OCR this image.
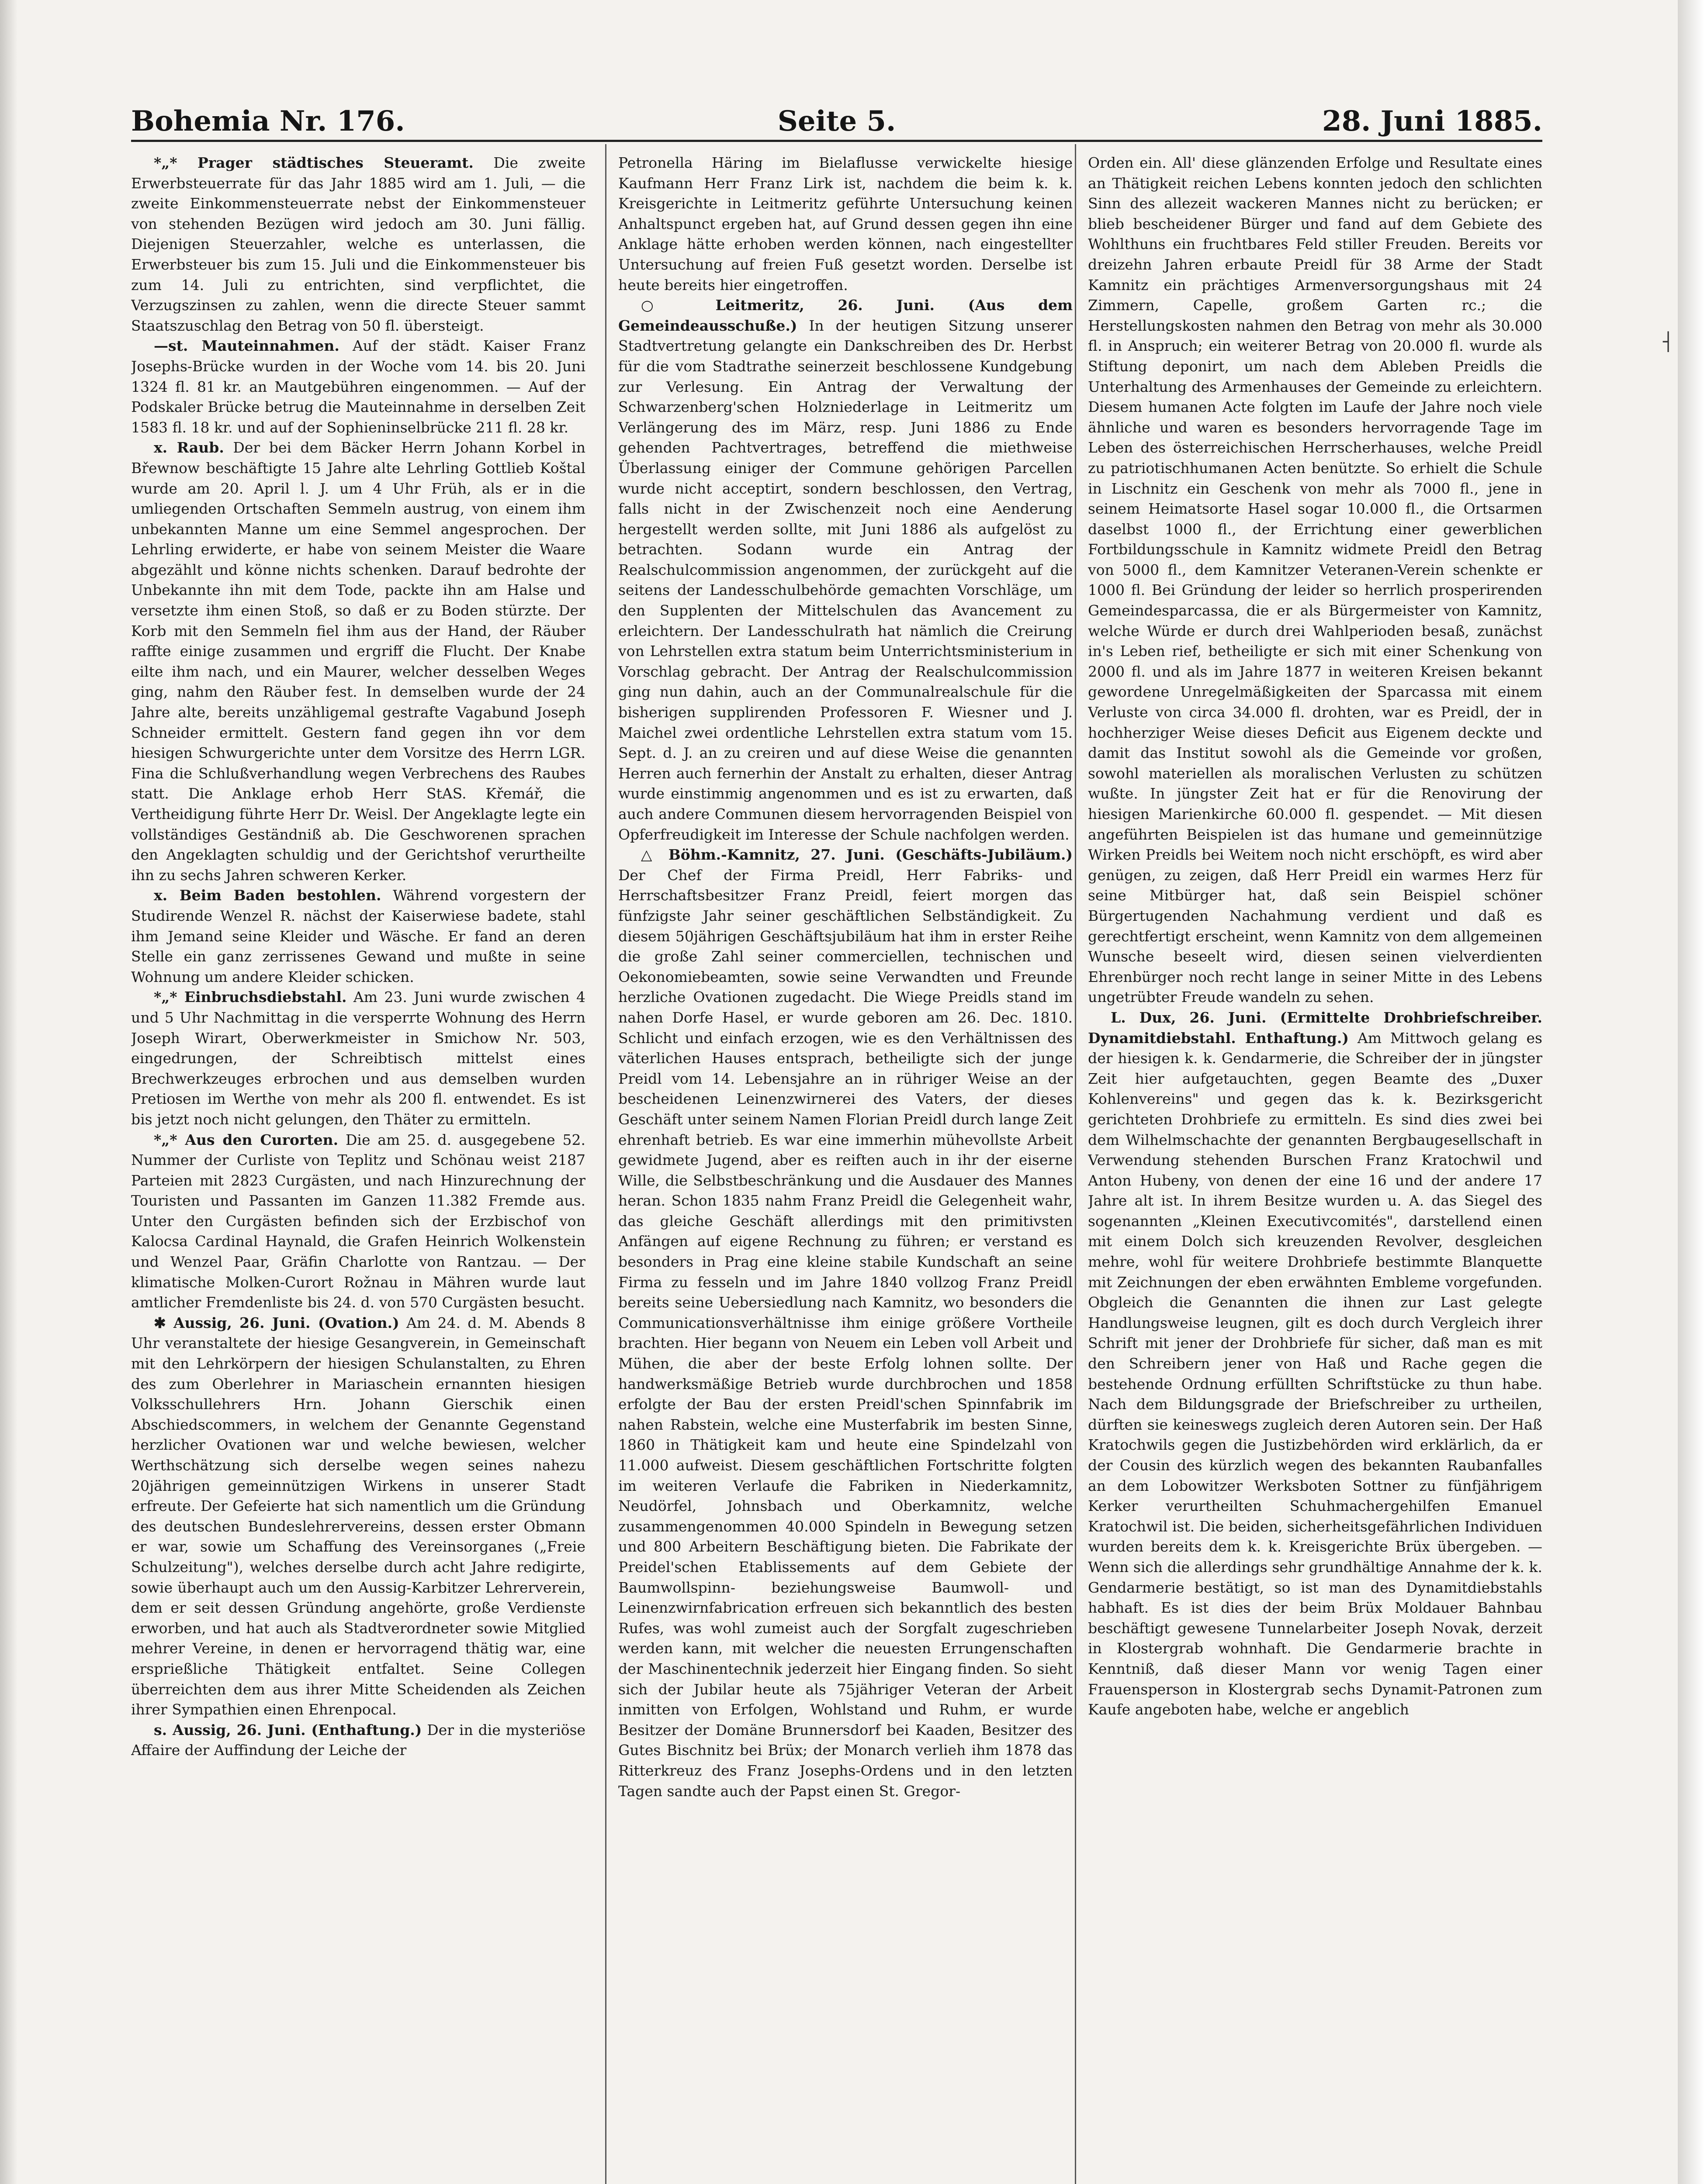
┤
Bohemia Nr. 176.	Seite 5.	28. Juni 1885.

*„* Prager städtisches Steueramt. Die zweite Erwerbsteuerrate für das Jahr 1885 wird am 1. Juli, — die zweite Einkommensteuerrate nebst der Einkommensteuer von stehenden Bezügen wird jedoch am 30. Juni fällig. Diejenigen Steuerzahler, welche es unterlassen, die Erwerbsteuer bis zum 15. Juli und die Einkommensteuer bis zum 14. Juli zu entrichten, sind verpflichtet, die Verzugszinsen zu zahlen, wenn die directe Steuer sammt Staatszuschlag den Betrag von 50 fl. übersteigt.

—st. Mauteinnahmen. Auf der städt. Kaiser Franz Josephs-Brücke wurden in der Woche vom 14. bis 20. Juni 1324 fl. 81 kr. an Mautgebühren eingenommen. — Auf der Podskaler Brücke betrug die Mauteinnahme in derselben Zeit 1583 fl. 18 kr. und auf der Sophieninselbrücke 211 fl. 28 kr.

x. Raub. Der bei dem Bäcker Herrn Johann Korbel in Břewnow beschäftigte 15 Jahre alte Lehrling Gottlieb Koštal wurde am 20. April l. J. um 4 Uhr Früh, als er in die umliegenden Ortschaften Semmeln austrug, von einem ihm unbekannten Manne um eine Semmel angesprochen. Der Lehrling erwiderte, er habe von seinem Meister die Waare abgezählt und könne nichts schenken. Darauf bedrohte der Unbekannte ihn mit dem Tode, packte ihn am Halse und versetzte ihm einen Stoß, so daß er zu Boden stürzte. Der Korb mit den Semmeln fiel ihm aus der Hand, der Räuber raffte einige zusammen und ergriff die Flucht. Der Knabe eilte ihm nach, und ein Maurer, welcher desselben Weges ging, nahm den Räuber fest. In demselben wurde der 24 Jahre alte, bereits unzähligemal gestrafte Vagabund Joseph Schneider ermittelt. Gestern fand gegen ihn vor dem hiesigen Schwurgerichte unter dem Vorsitze des Herrn LGR. Fina die Schlußverhandlung wegen Verbrechens des Raubes statt. Die Anklage erhob Herr StAS. Křemář, die Vertheidigung führte Herr Dr. Weisl. Der Angeklagte legte ein vollständiges Geständniß ab. Die Geschworenen sprachen den Angeklagten schuldig und der Gerichtshof verurtheilte ihn zu sechs Jahren schweren Kerker.

x. Beim Baden bestohlen. Während vorgestern der Studirende Wenzel R. nächst der Kaiserwiese badete, stahl ihm Jemand seine Kleider und Wäsche. Er fand an deren Stelle ein ganz zerrissenes Gewand und mußte in seine Wohnung um andere Kleider schicken.

*„* Einbruchsdiebstahl. Am 23. Juni wurde zwischen 4 und 5 Uhr Nachmittag in die versperrte Wohnung des Herrn Joseph Wirart, Oberwerkmeister in Smichow Nr. 503, eingedrungen, der Schreibtisch mittelst eines Brechwerkzeuges erbrochen und aus demselben wurden Pretiosen im Werthe von mehr als 200 fl. entwendet. Es ist bis jetzt noch nicht gelungen, den Thäter zu ermitteln.

*„* Aus den Curorten. Die am 25. d. ausgegebene 52. Nummer der Curliste von Teplitz und Schönau weist 2187 Parteien mit 2823 Curgästen, und nach Hinzurechnung der Touristen und Passanten im Ganzen 11.382 Fremde aus. Unter den Curgästen befinden sich der Erzbischof von Kalocsa Cardinal Haynald, die Grafen Heinrich Wolkenstein und Wenzel Paar, Gräfin Charlotte von Rantzau. — Der klimatische Molken-Curort Rožnau in Mähren wurde laut amtlicher Fremdenliste bis 24. d. von 570 Curgästen besucht.

✱ Aussig, 26. Juni. (Ovation.) Am 24. d. M. Abends 8 Uhr veranstaltete der hiesige Gesangverein, in Gemeinschaft mit den Lehrkörpern der hiesigen Schulanstalten, zu Ehren des zum Oberlehrer in Mariaschein ernannten hiesigen Volksschullehrers Hrn. Johann Gierschik einen Abschiedscommers, in welchem der Genannte Gegenstand herzlicher Ovationen war und welche bewiesen, welcher Werthschätzung sich derselbe wegen seines nahezu 20jährigen gemeinnützigen Wirkens in unserer Stadt erfreute. Der Gefeierte hat sich namentlich um die Gründung des deutschen Bundeslehrervereins, dessen erster Obmann er war, sowie um Schaffung des Vereinsorganes („Freie Schulzeitung"), welches derselbe durch acht Jahre redigirte, sowie überhaupt auch um den Aussig-Karbitzer Lehrerverein, dem er seit dessen Gründung angehörte, große Verdienste erworben, und hat auch als Stadtverordneter sowie Mitglied mehrer Vereine, in denen er hervorragend thätig war, eine ersprießliche Thätigkeit entfaltet. Seine Collegen überreichten dem aus ihrer Mitte Scheidenden als Zeichen ihrer Sympathien einen Ehrenpocal.

s. Aussig, 26. Juni. (Enthaftung.) Der in die mysteriöse Affaire der Auffindung der Leiche der

Petronella Häring im Bielaflusse verwickelte hiesige Kaufmann Herr Franz Lirk ist, nachdem die beim k. k. Kreisgerichte in Leitmeritz geführte Untersuchung keinen Anhaltspunct ergeben hat, auf Grund dessen gegen ihn eine Anklage hätte erhoben werden können, nach eingestellter Untersuchung auf freien Fuß gesetzt worden. Derselbe ist heute bereits hier eingetroffen.

○ Leitmeritz, 26. Juni. (Aus dem Gemeindeausschuße.) In der heutigen Sitzung unserer Stadtvertretung gelangte ein Dankschreiben des Dr. Herbst für die vom Stadtrathe seinerzeit beschlossene Kundgebung zur Verlesung. Ein Antrag der Verwaltung der Schwarzenberg'schen Holzniederlage in Leitmeritz um Verlängerung des im März, resp. Juni 1886 zu Ende gehenden Pachtvertrages, betreffend die miethweise Überlassung einiger der Commune gehörigen Parcellen wurde nicht acceptirt, sondern beschlossen, den Vertrag, falls nicht in der Zwischenzeit noch eine Aenderung hergestellt werden sollte, mit Juni 1886 als aufgelöst zu betrachten. Sodann wurde ein Antrag der Realschulcommission angenommen, der zurückgeht auf die seitens der Landesschulbehörde gemachten Vorschläge, um den Supplenten der Mittelschulen das Avancement zu erleichtern. Der Landesschulrath hat nämlich die Creirung von Lehrstellen extra statum beim Unterrichtsministerium in Vorschlag gebracht. Der Antrag der Realschulcommission ging nun dahin, auch an der Communalrealschule für die bisherigen supplirenden Professoren F. Wiesner und J. Maichel zwei ordentliche Lehrstellen extra statum vom 15. Sept. d. J. an zu creiren und auf diese Weise die genannten Herren auch fernerhin der Anstalt zu erhalten, dieser Antrag wurde einstimmig angenommen und es ist zu erwarten, daß auch andere Communen diesem hervorragenden Beispiel von Opferfreudigkeit im Interesse der Schule nachfolgen werden.

△ Böhm.-Kamnitz, 27. Juni. (Geschäfts-Jubiläum.) Der Chef der Firma Preidl, Herr Fabriks- und Herrschaftsbesitzer Franz Preidl, feiert morgen das fünfzigste Jahr seiner geschäftlichen Selbständigkeit. Zu diesem 50jährigen Geschäftsjubiläum hat ihm in erster Reihe die große Zahl seiner commerciellen, technischen und Oekonomiebeamten, sowie seine Verwandten und Freunde herzliche Ovationen zugedacht. Die Wiege Preidls stand im nahen Dorfe Hasel, er wurde geboren am 26. Dec. 1810. Schlicht und einfach erzogen, wie es den Verhältnissen des väterlichen Hauses entsprach, betheiligte sich der junge Preidl vom 14. Lebensjahre an in rühriger Weise an der bescheidenen Leinenzwirnerei des Vaters, der dieses Geschäft unter seinem Namen Florian Preidl durch lange Zeit ehrenhaft betrieb. Es war eine immerhin mühevollste Arbeit gewidmete Jugend, aber es reiften auch in ihr der eiserne Wille, die Selbstbeschränkung und die Ausdauer des Mannes heran. Schon 1835 nahm Franz Preidl die Gelegenheit wahr, das gleiche Geschäft allerdings mit den primitivsten Anfängen auf eigene Rechnung zu führen; er verstand es besonders in Prag eine kleine stabile Kundschaft an seine Firma zu fesseln und im Jahre 1840 vollzog Franz Preidl bereits seine Uebersiedlung nach Kamnitz, wo besonders die Communicationsverhältnisse ihm einige größere Vortheile brachten. Hier begann von Neuem ein Leben voll Arbeit und Mühen, die aber der beste Erfolg lohnen sollte. Der handwerksmäßige Betrieb wurde durchbrochen und 1858 erfolgte der Bau der ersten Preidl'schen Spinnfabrik im nahen Rabstein, welche eine Musterfabrik im besten Sinne, 1860 in Thätigkeit kam und heute eine Spindelzahl von 11.000 aufweist. Diesem geschäftlichen Fortschritte folgten im weiteren Verlaufe die Fabriken in Niederkamnitz, Neudörfel, Johnsbach und Oberkamnitz, welche zusammengenommen 40.000 Spindeln in Bewegung setzen und 800 Arbeitern Beschäftigung bieten. Die Fabrikate der Preidel'schen Etablissements auf dem Gebiete der Baumwollspinn- beziehungsweise Baumwoll- und Leinenzwirnfabrication erfreuen sich bekanntlich des besten Rufes, was wohl zumeist auch der Sorgfalt zugeschrieben werden kann, mit welcher die neuesten Errungenschaften der Maschinentechnik jederzeit hier Eingang finden. So sieht sich der Jubilar heute als 75jähriger Veteran der Arbeit inmitten von Erfolgen, Wohlstand und Ruhm, er wurde Besitzer der Domäne Brunnersdorf bei Kaaden, Besitzer des Gutes Bischnitz bei Brüx; der Monarch verlieh ihm 1878 das Ritterkreuz des Franz Josephs-Ordens und in den letzten Tagen sandte auch der Papst einen St. Gregor-

Orden ein. All' diese glänzenden Erfolge und Resultate eines an Thätigkeit reichen Lebens konnten jedoch den schlichten Sinn des allezeit wackeren Mannes nicht zu berücken; er blieb bescheidener Bürger und fand auf dem Gebiete des Wohlthuns ein fruchtbares Feld stiller Freuden. Bereits vor dreizehn Jahren erbaute Preidl für 38 Arme der Stadt Kamnitz ein prächtiges Armenversorgungshaus mit 24 Zimmern, Capelle, großem Garten rc.; die Herstellungskosten nahmen den Betrag von mehr als 30.000 fl. in Anspruch; ein weiterer Betrag von 20.000 fl. wurde als Stiftung deponirt, um nach dem Ableben Preidls die Unterhaltung des Armenhauses der Gemeinde zu erleichtern. Diesem humanen Acte folgten im Laufe der Jahre noch viele ähnliche und waren es besonders hervorragende Tage im Leben des österreichischen Herrscherhauses, welche Preidl zu patriotischhumanen Acten benützte. So erhielt die Schule in Lischnitz ein Geschenk von mehr als 7000 fl., jene in seinem Heimatsorte Hasel sogar 10.000 fl., die Ortsarmen daselbst 1000 fl., der Errichtung einer gewerblichen Fortbildungsschule in Kamnitz widmete Preidl den Betrag von 5000 fl., dem Kamnitzer Veteranen-Verein schenkte er 1000 fl. Bei Gründung der leider so herrlich prosperirenden Gemeindesparcassa, die er als Bürgermeister von Kamnitz, welche Würde er durch drei Wahlperioden besaß, zunächst in's Leben rief, betheiligte er sich mit einer Schenkung von 2000 fl. und als im Jahre 1877 in weiteren Kreisen bekannt gewordene Unregelmäßigkeiten der Sparcassa mit einem Verluste von circa 34.000 fl. drohten, war es Preidl, der in hochherziger Weise dieses Deficit aus Eigenem deckte und damit das Institut sowohl als die Gemeinde vor großen, sowohl materiellen als moralischen Verlusten zu schützen wußte. In jüngster Zeit hat er für die Renovirung der hiesigen Marienkirche 60.000 fl. gespendet. — Mit diesen angeführten Beispielen ist das humane und gemeinnützige Wirken Preidls bei Weitem noch nicht erschöpft, es wird aber genügen, zu zeigen, daß Herr Preidl ein warmes Herz für seine Mitbürger hat, daß sein Beispiel schöner Bürgertugenden Nachahmung verdient und daß es gerechtfertigt erscheint, wenn Kamnitz von dem allgemeinen Wunsche beseelt wird, diesen seinen vielverdienten Ehrenbürger noch recht lange in seiner Mitte in des Lebens ungetrübter Freude wandeln zu sehen.

L. Dux, 26. Juni. (Ermittelte Drohbriefschreiber. Dynamitdiebstahl. Enthaftung.) Am Mittwoch gelang es der hiesigen k. k. Gendarmerie, die Schreiber der in jüngster Zeit hier aufgetauchten, gegen Beamte des „Duxer Kohlenvereins" und gegen das k. k. Bezirksgericht gerichteten Drohbriefe zu ermitteln. Es sind dies zwei bei dem Wilhelmschachte der genannten Bergbaugesellschaft in Verwendung stehenden Burschen Franz Kratochwil und Anton Hubeny, von denen der eine 16 und der andere 17 Jahre alt ist. In ihrem Besitze wurden u. A. das Siegel des sogenannten „Kleinen Executivcomités", darstellend einen mit einem Dolch sich kreuzenden Revolver, desgleichen mehre, wohl für weitere Drohbriefe bestimmte Blanquette mit Zeichnungen der eben erwähnten Embleme vorgefunden. Obgleich die Genannten die ihnen zur Last gelegte Handlungsweise leugnen, gilt es doch durch Vergleich ihrer Schrift mit jener der Drohbriefe für sicher, daß man es mit den Schreibern jener von Haß und Rache gegen die bestehende Ordnung erfüllten Schriftstücke zu thun habe. Nach dem Bildungsgrade der Briefschreiber zu urtheilen, dürften sie keineswegs zugleich deren Autoren sein. Der Haß Kratochwils gegen die Justizbehörden wird erklärlich, da er der Cousin des kürzlich wegen des bekannten Raubanfalles an dem Lobowitzer Werksboten Sottner zu fünfjährigem Kerker verurtheilten Schuhmachergehilfen Emanuel Kratochwil ist. Die beiden, sicherheitsgefährlichen Individuen wurden bereits dem k. k. Kreisgerichte Brüx übergeben. — Wenn sich die allerdings sehr grundhältige Annahme der k. k. Gendarmerie bestätigt, so ist man des Dynamitdiebstahls habhaft. Es ist dies der beim Brüx Moldauer Bahnbau beschäftigt gewesene Tunnelarbeiter Joseph Novak, derzeit in Klostergrab wohnhaft. Die Gendarmerie brachte in Kenntniß, daß dieser Mann vor wenig Tagen einer Frauensperson in Klostergrab sechs Dynamit-Patronen zum Kaufe angeboten habe, welche er angeblich
